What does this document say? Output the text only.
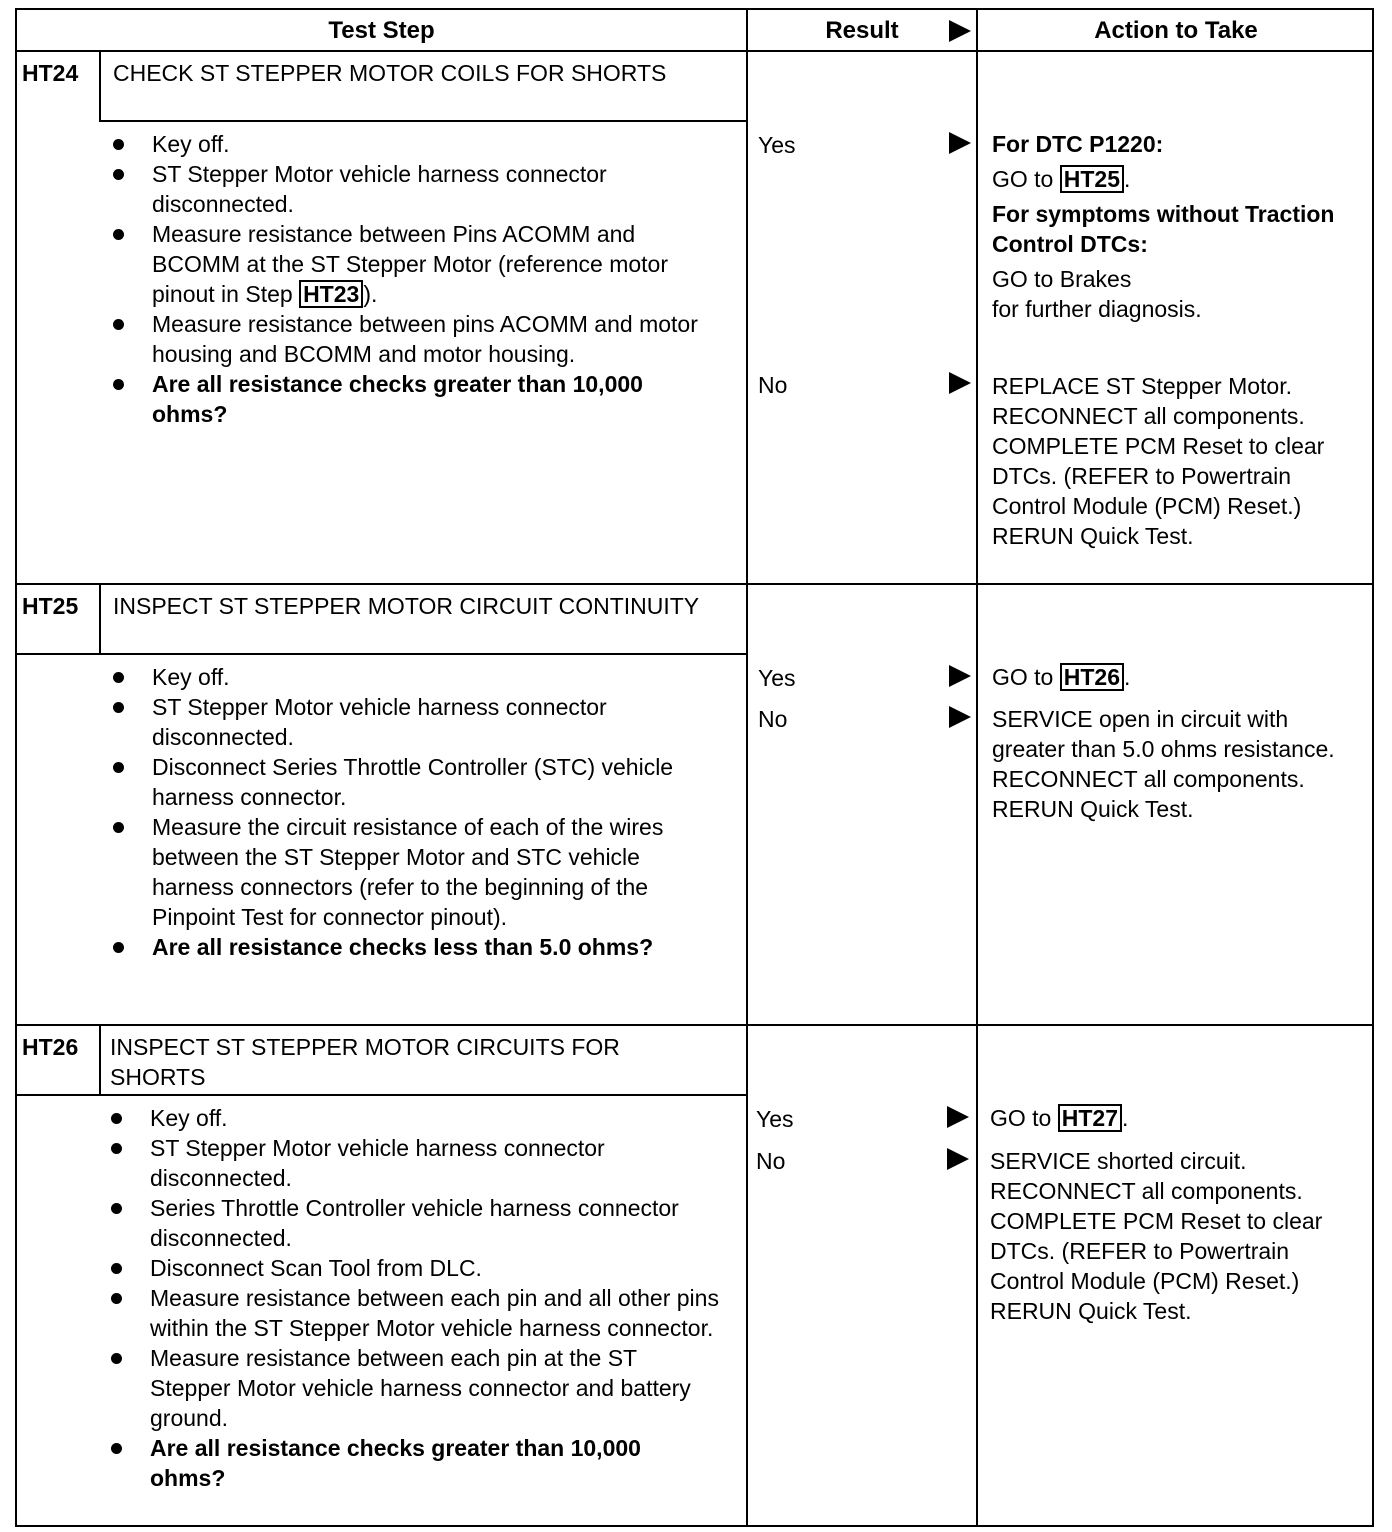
Test Step	Result	Action to Take
HT24 CHECK ST STEPPER MOTOR COILS FOR SHORTS
Key off.
ST Stepper Motor vehicle harness connector disconnected.
Measure resistance between Pins ACOMM and BCOMM at the ST Stepper Motor (reference motor pinout in Step HT23 ).
Measure resistance between pins ACOMM and motor housing and BCOMM and motor housing.
Are all resistance checks greater than 10,000 ohms?
Yes	For DTC P1220:
GO to HT25 .
For symptoms without Traction Control DTCs:
GO to Brakes
for further diagnosis.
No	REPLACE ST Stepper Motor. RECONNECT all components. COMPLETE PCM Reset to clear DTCs. (REFER to Powertrain Control Module (PCM) Reset.) RERUN Quick Test.
HT25 INSPECT ST STEPPER MOTOR CIRCUIT CONTINUITY
Key off.
ST Stepper Motor vehicle harness connector disconnected.
Disconnect Series Throttle Controller (STC) vehicle harness connector.
Measure the circuit resistance of each of the wires between the ST Stepper Motor and STC vehicle harness connectors (refer to the beginning of the Pinpoint Test for connector pinout).
Are all resistance checks less than 5.0 ohms?
Yes	GO to HT26 .
No	SERVICE open in circuit with greater than 5.0 ohms resistance. RECONNECT all components. RERUN Quick Test.
HT26 INSPECT ST STEPPER MOTOR CIRCUITS FOR SHORTS
Key off.
ST Stepper Motor vehicle harness connector disconnected.
Series Throttle Controller vehicle harness connector disconnected.
Disconnect Scan Tool from DLC.
Measure resistance between each pin and all other pins within the ST Stepper Motor vehicle harness connector.
Measure resistance between each pin at the ST Stepper Motor vehicle harness connector and battery ground.
Are all resistance checks greater than 10,000 ohms?
Yes	GO to HT27 .
No	SERVICE shorted circuit. RECONNECT all components. COMPLETE PCM Reset to clear DTCs. (REFER to Powertrain Control Module (PCM) Reset.) RERUN Quick Test.
